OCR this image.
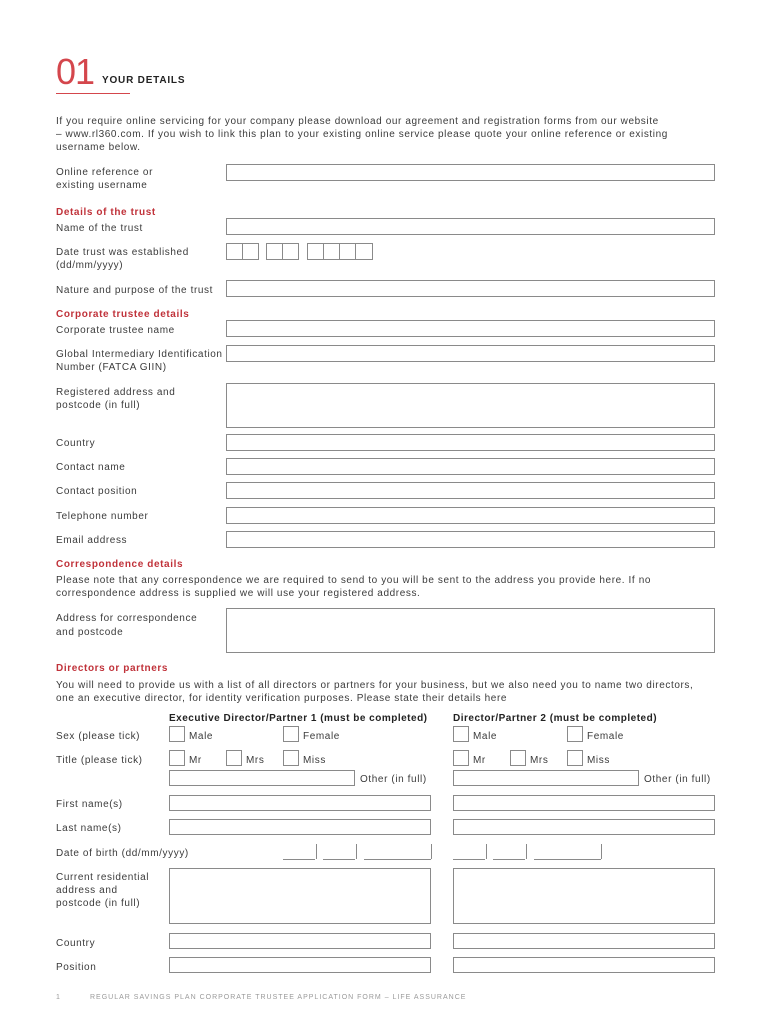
01 YOUR DETAILS
If you require online servicing for your company please download our agreement and registration forms from our website
– www.rl360.com. If you wish to link this plan to your existing online service please quote your online reference or existing
username below.
Online reference or
existing username
Details of the trust
Name of the trust
Date trust was established
(dd/mm/yyyy)
Nature and purpose of the trust
Corporate trustee details
Corporate trustee name
Global Intermediary Identification
Number (FATCA GIIN)
Registered address and
postcode (in full)
Country
Contact name
Contact position
Telephone number
Email address
Correspondence details
Please note that any correspondence we are required to send to you will be sent to the address you provide here. If no
correspondence address is supplied we will use your registered address.
Address for correspondence
and postcode
Directors or partners
You will need to provide us with a list of all directors or partners for your business, but we also need you to name two directors,
one an executive director, for identity verification purposes. Please state their details here
Executive Director/Partner 1 (must be completed)	Director/Partner 2 (must be completed)
Sex (please tick)	Male	Female	Male	Female
Title (please tick)	Mr	Mrs	Miss	Mr	Mrs	Miss
Other (in full)	Other (in full)
First name(s)
Last name(s)
Date of birth (dd/mm/yyyy)
Current residential
address and
postcode (in full)
Country
Position
1	REGULAR SAVINGS PLAN CORPORATE TRUSTEE APPLICATION FORM – LIFE ASSURANCE
